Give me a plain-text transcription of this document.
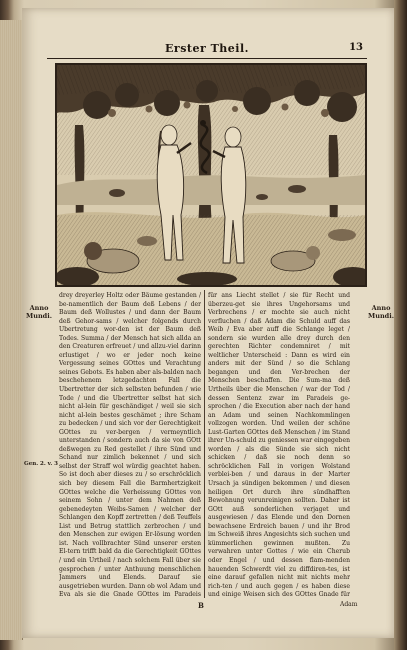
Erster Theil.	13
Anno Mundi.
Anno Mundi.
Gen. 2. v. 3
drey dreyerley Holtz oder Bäume gestanden / be-namentlich der Baum deß Lebens / der Baum deß Wollustes / und dann der Baum deß Gehor-sams / welcher folgends durch Ubertretung wor-den ist der Baum deß Todes. Summa / der Mensch hat sich allda an den Creaturen erfreuet / und allzu-viel darinn erlustiget / wo er jeder noch keine Vergessung seines GOttes und Verachtung seines Gebots. Es haben aber als-balden nach beschehenem letzgedachten Fall die Ubertretter der sich selbsten befunden / wie Tode / und die Ubertretter selbst hat sich nicht al-lein für geschändiget / weil sie sich nicht al-lein bestes geschämet ; ihre Scham zu bedecken / und sich vor der Gerechtigkeit GOttes zu ver-bergen / vermeyntlich unterstanden / sondern auch da sie von GOtt deßwegen zu Red gestellet / ihre Sünd und Schand nur zimlich bekennet / und sich selbst der Straff wol würdig geachtet haben. So ist doch aber dieses zu / so erschröcklich sich bey diesem Fall die Barmhertzigkeit GOttes welche die Verheissung GOttes von seinem Sohn / unter dem Nahmen deß gebenedeyten Weibs-Samen / welcher der Schlangen den Kopff zertretten / deß Teuffels List und Betrug stattlich zerbrochen / und den Menschen zur ewigen Er-lösung worden ist. Nach vollbrachter Sünd unserer ersten El-tern trifft bald da die Gerechtigkeit GOttes / und ein Urtheil / nach solchem Fall über sie gesprochen / unter Anthuung menschlichen Jammers und Elends. Darauf sie ausgetrieben wurden. Dann ob wol Adam und Eva als sie die Gnade GOttes im Paradeis
für ans Liecht stellet / sie für Recht und überzeu-get sie ihres Ungehorsams und Verbrechens / er mochte sie auch nicht verfluchen / daß Adam die Schuld auff das Weib / Eva aber auff die Schlange leget / sondern sie wurden alle drey durch den gerechten Richter condemniret / mit weltlicher Unterscheid : Dann es wird ein anders mit der Sünd / so die Schlang begangen und den Ver-brechen der Menschen beschaffen. Die Sum-ma deß Urtheils über die Menschen / war der Tod / dessen Sentenz zwar im Paradeis ge-sprochen / die Execution aber nach der hand an Adam und seinen Nachkommlingen vollzogen worden. Und weilen der schöne Lust-Garten GOttes deß Menschen / im Stand ihrer Un-schuld zu geniessen war eingegeben worden / als die Sünde sie sich nicht schicken / daß sie noch denn so schröcklichen Fall in vorigen Wolstand verblei-ben / und daraus in der Marter Ursach ja sündigen bekommen / und diesen heiligen Ort durch ihre sündhafften Bewohnung verunreinigen sollten. Daher ist GOtt auß sonderlichen verjaget und ausgewiesen / das Elende und den Dornen bewachsene Erdreich bauen / und ihr Brod im Schweiß ihres Angesichts sich suchen und kümmerlichen gewinnen mußten. Zu verwahren unter Gottes / wie ein Cherub oder Engel / und dessen flam-menden hauenden Schwerdt viel zu diffdiren-tes, ist eine darauf gefallen nicht mit nichts mehr rich-ten / und auch gegen / es haben diese und einige Weisen sich des GOttes Gnade für
B	Adam
